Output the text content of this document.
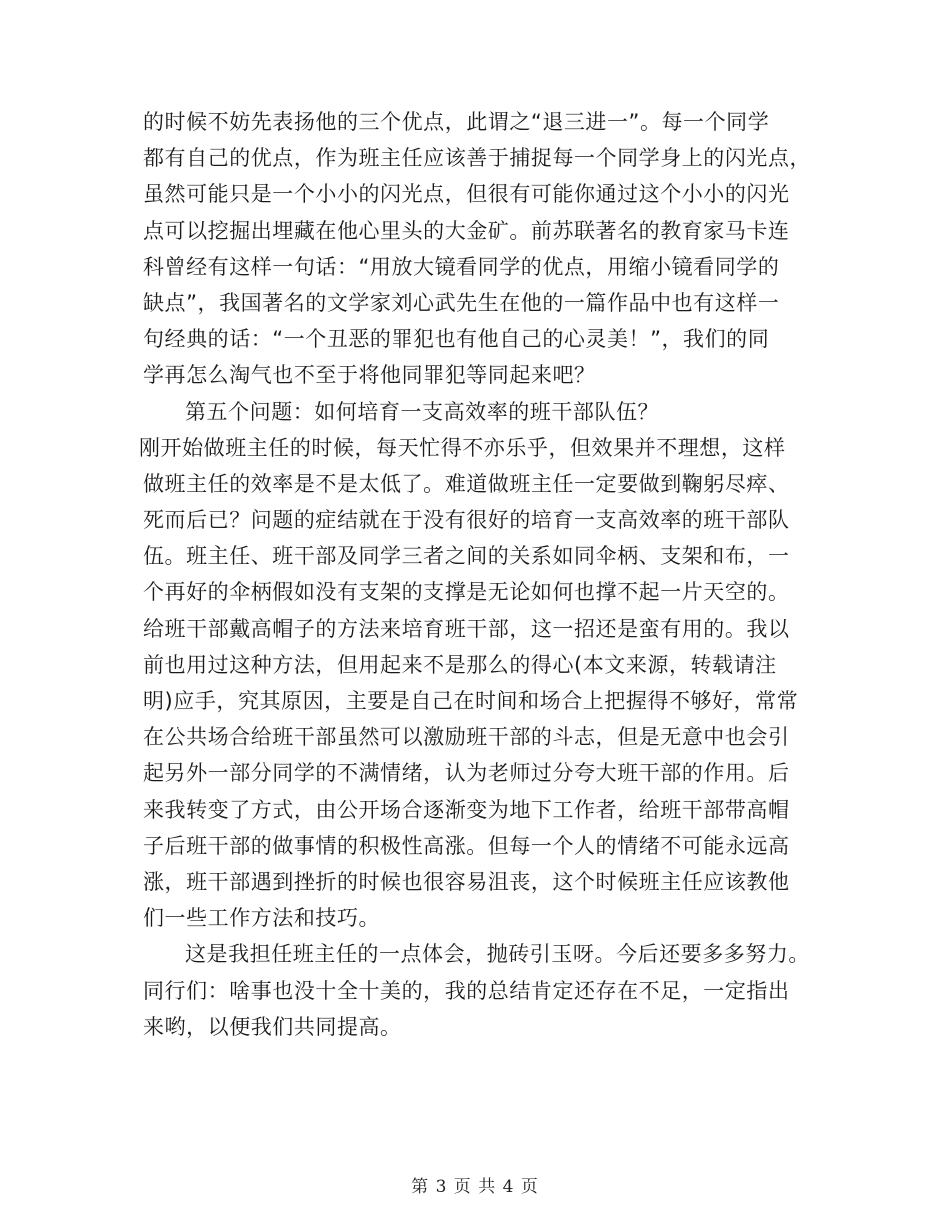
的时候不妨先表扬他的三个优点，此谓之“退三进一”。每一个同学
都有自己的优点，作为班主任应该善于捕捉每一个同学身上的闪光点，
虽然可能只是一个小小的闪光点，但很有可能你通过这个小小的闪光
点可以挖掘出埋藏在他心里头的大金矿。前苏联著名的教育家马卡连
科曾经有这样一句话：“用放大镜看同学的优点，用缩小镜看同学的
缺点”，我国著名的文学家刘心武先生在他的一篇作品中也有这样一
句经典的话：“一个丑恶的罪犯也有他自己的心灵美！”，我们的同
学再怎么淘气也不至于将他同罪犯等同起来吧？
第五个问题：如何培育一支高效率的班干部队伍？
刚开始做班主任的时候，每天忙得不亦乐乎，但效果并不理想，这样
做班主任的效率是不是太低了。难道做班主任一定要做到鞠躬尽瘁、
死而后已？问题的症结就在于没有很好的培育一支高效率的班干部队
伍。班主任、班干部及同学三者之间的关系如同伞柄、支架和布，一
个再好的伞柄假如没有支架的支撑是无论如何也撑不起一片天空的。
给班干部戴高帽子的方法来培育班干部，这一招还是蛮有用的。我以
前也用过这种方法，但用起来不是那么的得心(本文来源，转载请注
明)应手，究其原因，主要是自己在时间和场合上把握得不够好，常常
在公共场合给班干部虽然可以激励班干部的斗志，但是无意中也会引
起另外一部分同学的不满情绪，认为老师过分夸大班干部的作用。后
来我转变了方式，由公开场合逐渐变为地下工作者，给班干部带高帽
子后班干部的做事情的积极性高涨。但每一个人的情绪不可能永远高
涨，班干部遇到挫折的时候也很容易沮丧，这个时候班主任应该教他
们一些工作方法和技巧。
这是我担任班主任的一点体会，抛砖引玉呀。今后还要多多努力。
同行们：啥事也没十全十美的，我的总结肯定还存在不足，一定指出
来哟，以便我们共同提高。
第 3 页 共 4 页
